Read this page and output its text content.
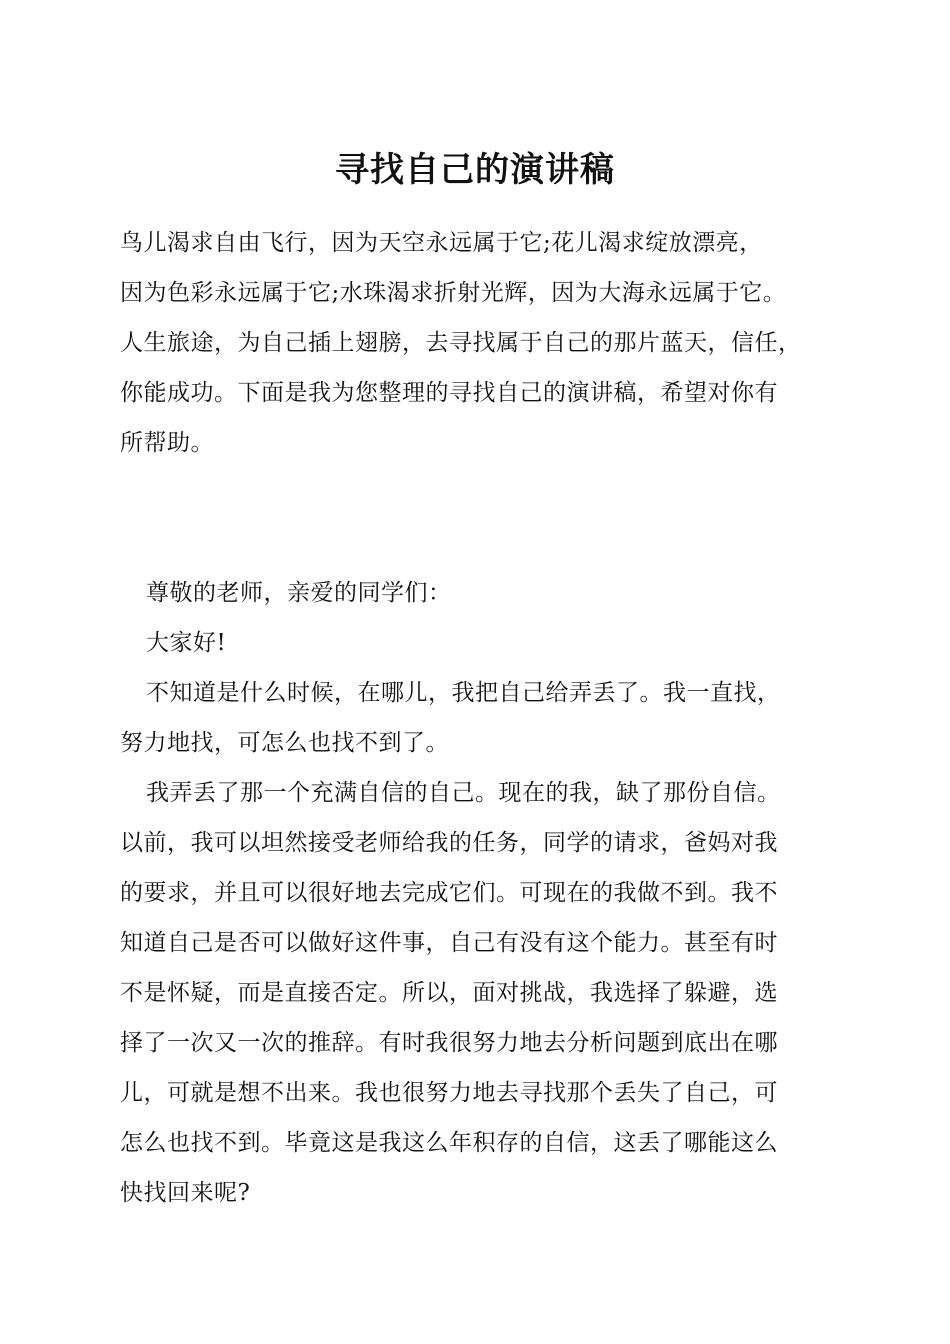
寻找自己的演讲稿
鸟儿渴求自由飞行，因为天空永远属于它;花儿渴求绽放漂亮，
因为色彩永远属于它;水珠渴求折射光辉，因为大海永远属于它。
人生旅途，为自己插上翅膀，去寻找属于自己的那片蓝天，信任，
你能成功。下面是我为您整理的寻找自己的演讲稿，希望对你有
所帮助。
尊敬的老师，亲爱的同学们：
大家好!
不知道是什么时候，在哪儿，我把自己给弄丢了。我一直找，
努力地找，可怎么也找不到了。
我弄丢了那一个充满自信的自己。现在的我，缺了那份自信。
以前，我可以坦然接受老师给我的任务，同学的请求，爸妈对我
的要求，并且可以很好地去完成它们。可现在的我做不到。我不
知道自己是否可以做好这件事，自己有没有这个能力。甚至有时
不是怀疑，而是直接否定。所以，面对挑战，我选择了躲避，选
择了一次又一次的推辞。有时我很努力地去分析问题到底出在哪
儿，可就是想不出来。我也很努力地去寻找那个丢失了自己，可
怎么也找不到。毕竟这是我这么年积存的自信，这丢了哪能这么
快找回来呢?
